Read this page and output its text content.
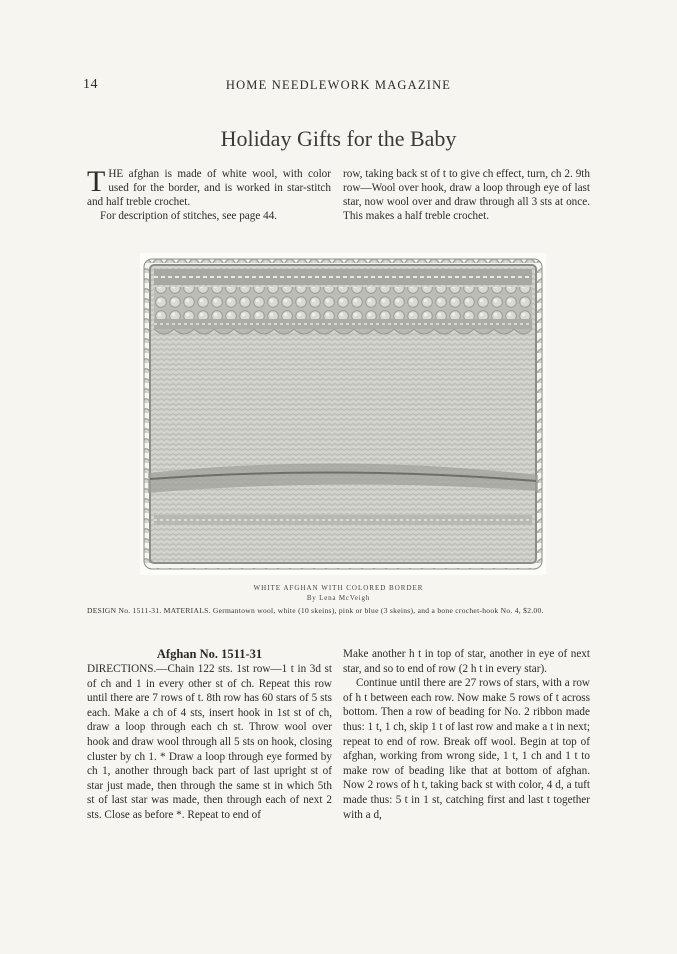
14	HOME NEEDLEWORK MAGAZINE
Holiday Gifts for the Baby

THE afghan is made of white wool, with color used for the border, and is worked in star-stitch and half treble crochet.

For description of stitches, see page 44.

row, taking back st of t to give ch effect, turn, ch 2. 9th row—Wool over hook, draw a loop through eye of last star, now wool over and draw through all 3 sts at once. This makes a half treble crochet.

WHITE AFGHAN WITH COLORED BORDER
By Lena McVeigh
DESIGN No. 1511-31. MATERIALS. Germantown wool, white (10 skeins), pink or blue (3 skeins), and a bone crochet-hook No. 4, $2.00.
Afghan No. 1511-31

DIRECTIONS.—Chain 122 sts. 1st row—1 t in 3d st of ch and 1 in every other st of ch. Repeat this row until there are 7 rows of t. 8th row has 60 stars of 5 sts each. Make a ch of 4 sts, insert hook in 1st st of ch, draw a loop through each ch st. Throw wool over hook and draw wool through all 5 sts on hook, closing cluster by ch 1. * Draw a loop through eye formed by ch 1, another through back part of last upright st of star just made, then through the same st in which 5th st of last star was made, then through each of next 2 sts. Close as before *. Repeat to end of

Make another h t in top of star, another in eye of next star, and so to end of row (2 h t in every star).

Continue until there are 27 rows of stars, with a row of h t between each row. Now make 5 rows of t across bottom. Then a row of beading for No. 2 ribbon made thus: 1 t, 1 ch, skip 1 t of last row and make a t in next; repeat to end of row. Break off wool. Begin at top of afghan, working from wrong side, 1 t, 1 ch and 1 t to make row of beading like that at bottom of afghan. Now 2 rows of h t, taking back st with color, 4 d, a tuft made thus: 5 t in 1 st, catching first and last t together with a d,
